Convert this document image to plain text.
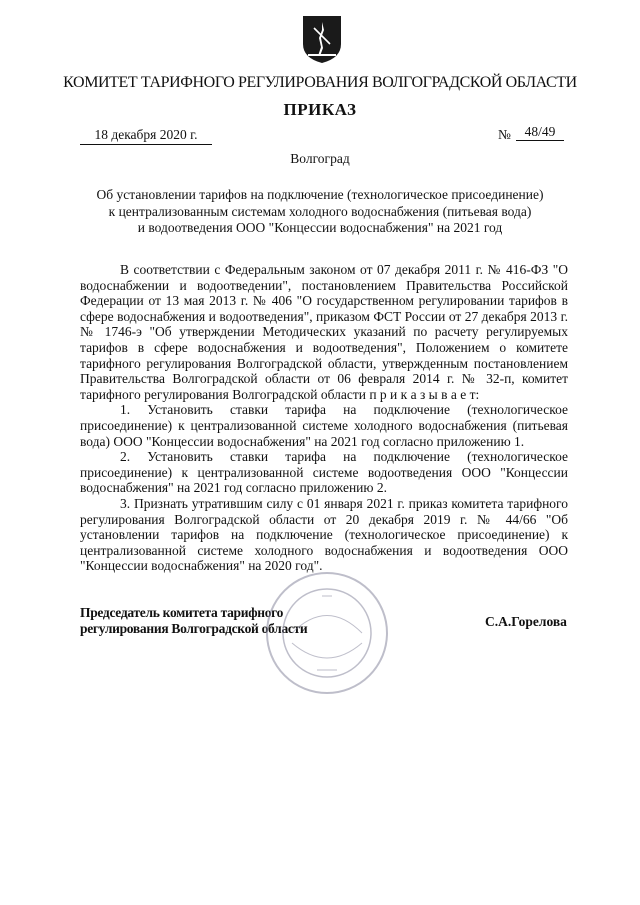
КОМИТЕТ ТАРИФНОГО РЕГУЛИРОВАНИЯ ВОЛГОГРАДСКОЙ ОБЛАСТИ
ПРИКАЗ
18 декабря 2020 г.	№	48/49
Волгоград
Об установлении тарифов на подключение (технологическое присоединение)
к централизованным системам холодного водоснабжения (питьевая вода)
и водоотведения ООО "Концессии водоснабжения" на 2021 год

В соответствии с Федеральным законом от 07 декабря 2011 г. № 416-ФЗ "О водоснабжении и водоотведении", постановлением Правительства Российской Федерации от 13 мая 2013 г. № 406 "О государственном регулировании тарифов в сфере водоснабжения и водоотведения", приказом ФСТ России от 27 декабря 2013 г. № 1746-э "Об утверждении Методических указаний по расчету регулируемых тарифов в сфере водоснабжения и водоотведения", Положением о комитете тарифного регулирования Волгоградской области, утвержденным постановлением Правительства Волгоградской области от 06 февраля 2014 г. № 32-п, комитет тарифного регулирования Волгоградской области п р и к а з ы в а е т:

1. Установить ставки тарифа на подключение (технологическое присоединение) к централизованной системе холодного водоснабжения (питьевая вода) ООО "Концессии водоснабжения" на 2021 год согласно приложению 1.

2. Установить ставки тарифа на подключение (технологическое присоединение) к централизованной системе водоотведения ООО "Концессии водоснабжения" на 2021 год согласно приложению 2.

3. Признать утратившим силу с 01 января 2021 г. приказ комитета тарифного регулирования Волгоградской области от 20 декабря 2019 г. № 44/66 "Об установлении тарифов на подключение (технологическое присоединение) к централизованной системе холодного водоснабжения и водоотведения ООО "Концессии водоснабжения" на 2020 год".

Председатель комитета тарифного
регулирования Волгоградской области	С.А.Горелова
